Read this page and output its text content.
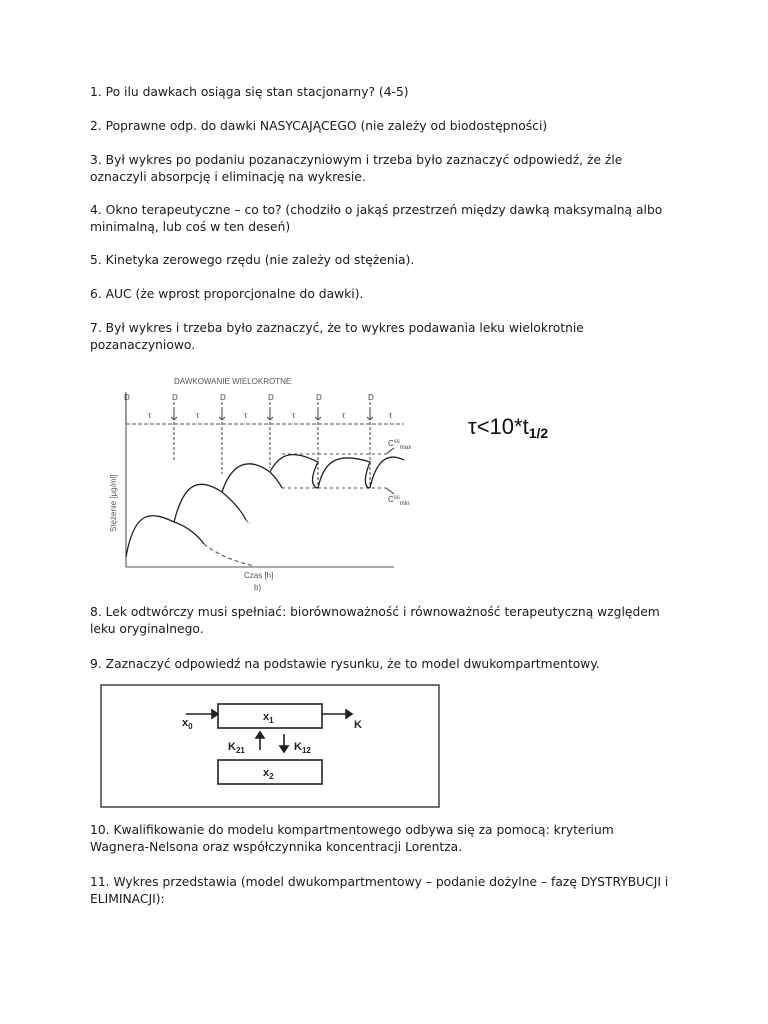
1. Po ilu dawkach osiąga się stan stacjonarny? (4-5)

2. Poprawne odp. do dawki NASYCAJĄCEGO (nie zależy od biodostępności)

3. Był wykres po podaniu pozanaczyniowym i trzeba było zaznaczyć odpowiedź, że źle oznaczyli absorpcję i eliminację na wykresie.

4. Okno terapeutyczne – co to? (chodziło o jakąś przestrzeń między dawką maksymalną albo minimalną, lub coś w ten deseń)

5. Kinetyka zerowego rzędu (nie zależy od stężenia).

6. AUC (że wprost proporcjonalne do dawki).

7. Był wykres i trzeba było zaznaczyć, że to wykres podawania leku wielokrotnie pozanaczyniowo.

DAWKOWANIE WIELOKROTNE
D	D	D	D	D	D
τ	τ	τ	τ	τ	τ
Stężenie [µg/ml]
Czas [h]
b)
$C^{ss}_{max}$
$C^{ss}_{min}$
$\tau<10*t_{1/2}$

8. Lek odtwórczy musi spełniać: biorównoważność i równoważność terapeutyczną względem leku oryginalnego.

9. Zaznaczyć odpowiedź na podstawie rysunku, że to model dwukompartmentowy.

$x_0$
$x_1$
$x_2$
K
$K_{21}$	$K_{12}$

10. Kwalifikowanie do modelu kompartmentowego odbywa się za pomocą: kryterium Wagnera-Nelsona oraz współczynnika koncentracji Lorentza.

11. Wykres przedstawia (model dwukompartmentowy – podanie dożylne – fazę DYSTRYBUCJI i ELIMINACJI):
